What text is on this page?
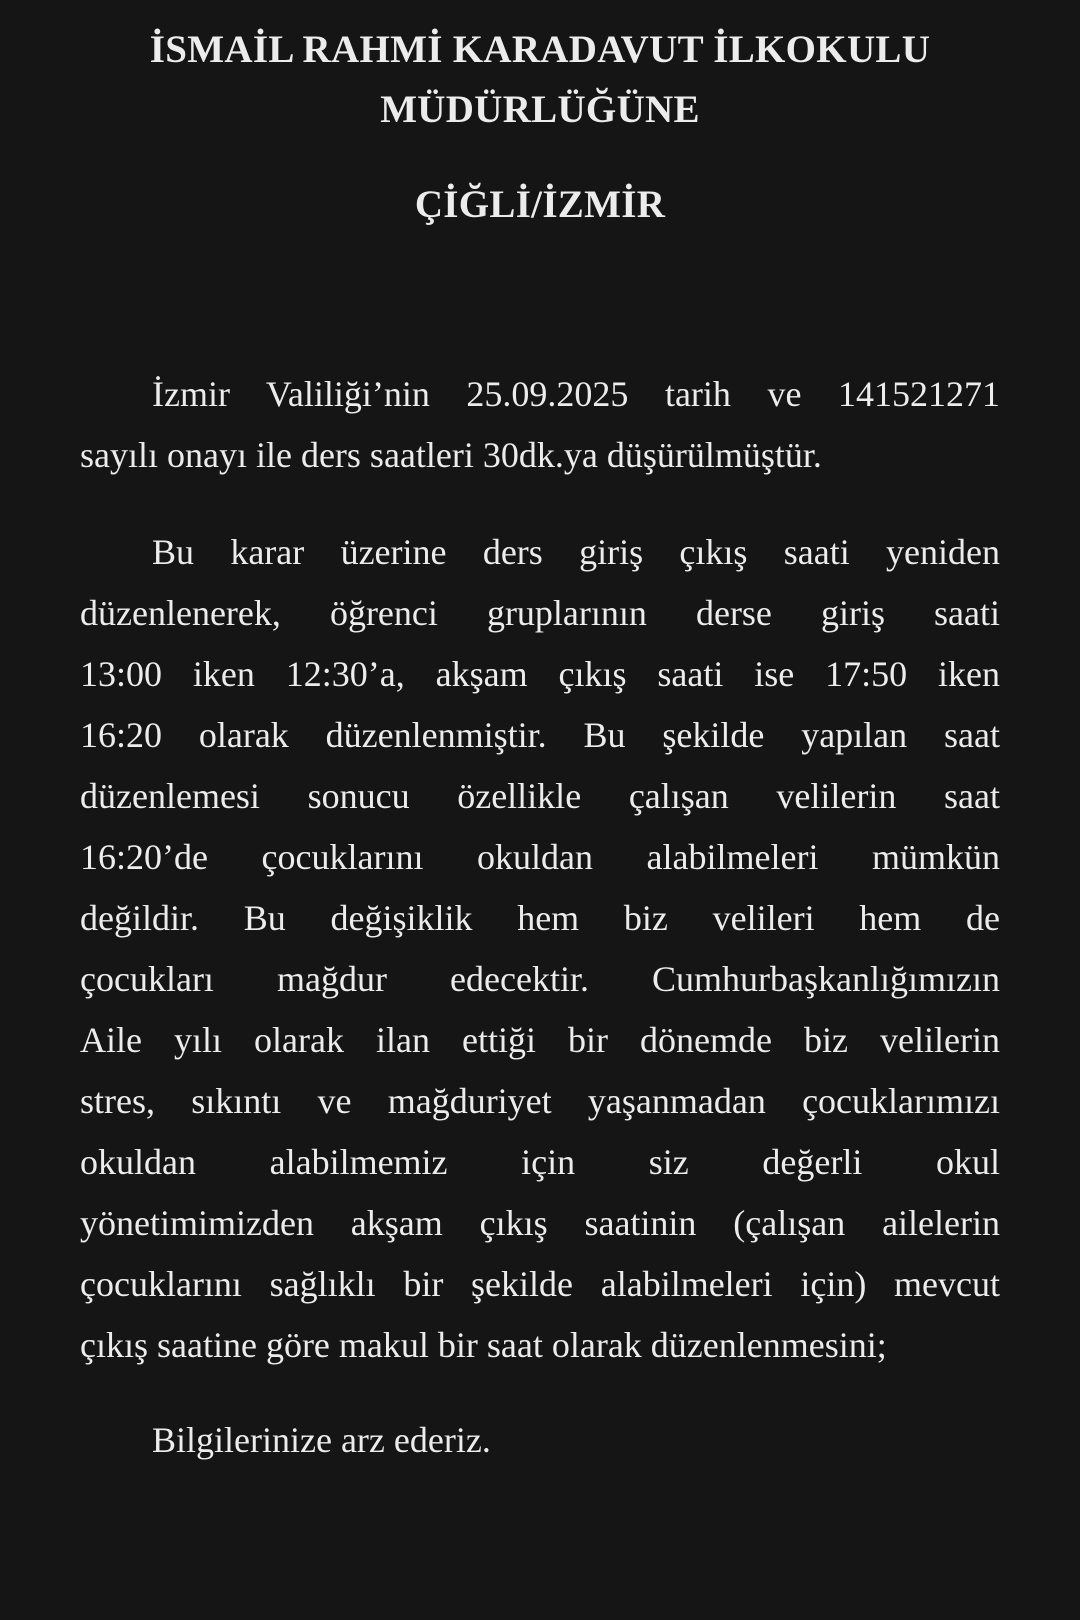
İSMAİL RAHMİ KARADAVUT İLKOKULU
MÜDÜRLÜĞÜNE
ÇİĞLİ/İZMİR
İzmir Valiliği’nin 25.09.2025 tarih ve 141521271
sayılı onayı ile ders saatleri 30dk.ya düşürülmüştür.
Bu karar üzerine ders giriş çıkış saati yeniden
düzenlenerek, öğrenci gruplarının derse giriş saati
13:00 iken 12:30’a, akşam çıkış saati ise 17:50 iken
16:20 olarak düzenlenmiştir. Bu şekilde yapılan saat
düzenlemesi sonucu özellikle çalışan velilerin saat
16:20’de çocuklarını okuldan alabilmeleri mümkün
değildir. Bu değişiklik hem biz velileri hem de
çocukları mağdur edecektir. Cumhurbaşkanlığımızın
Aile yılı olarak ilan ettiği bir dönemde biz velilerin
stres, sıkıntı ve mağduriyet yaşanmadan çocuklarımızı
okuldan alabilmemiz için siz değerli okul
yönetimimizden akşam çıkış saatinin (çalışan ailelerin
çocuklarını sağlıklı bir şekilde alabilmeleri için) mevcut
çıkış saatine göre makul bir saat olarak düzenlenmesini;
Bilgilerinize arz ederiz.
